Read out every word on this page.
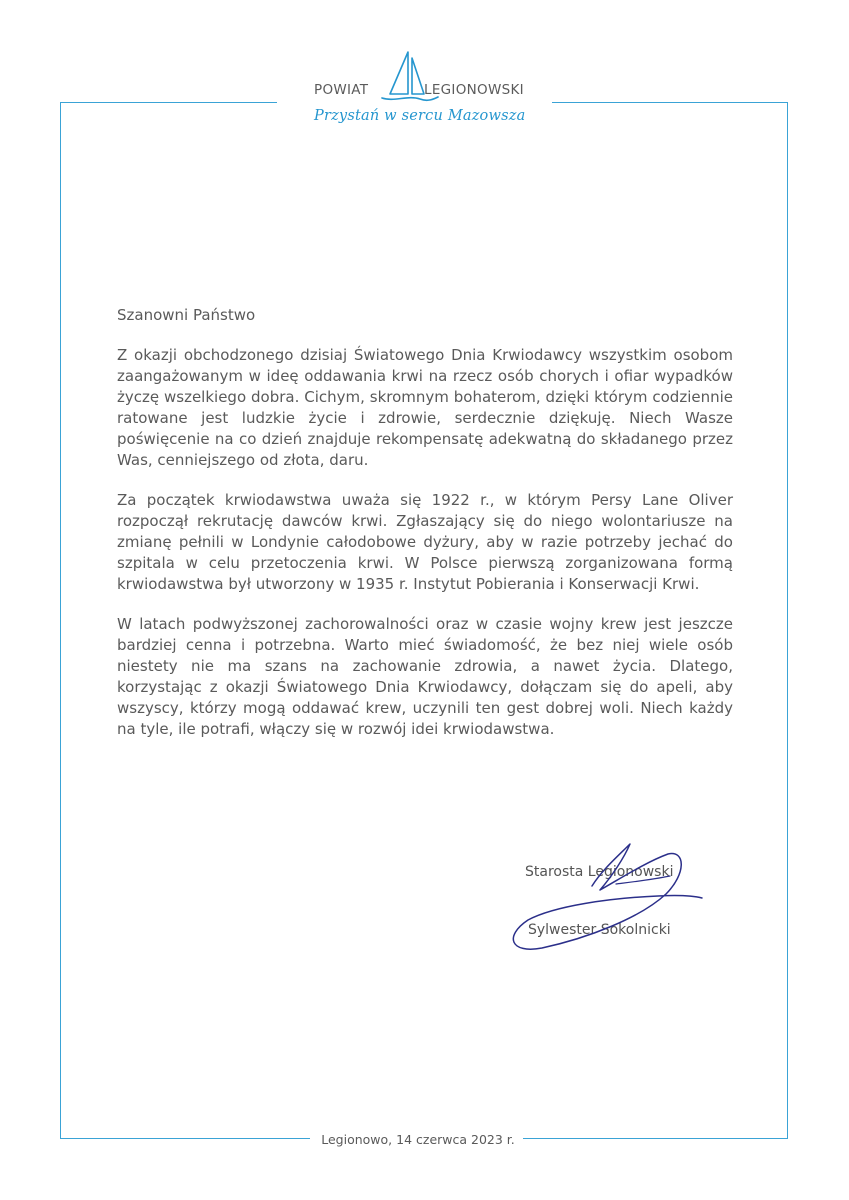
POWIAT	LEGIONOWSKI
Przystań w sercu Mazowsza

Szanowni Państwo

Z okazji obchodzonego dzisiaj Światowego Dnia Krwiodawcy wszystkim osobom zaangażowanym w ideę oddawania krwi na rzecz osób chorych i ofiar wypadków życzę wszelkiego dobra. Cichym, skromnym bohaterom, dzięki którym codziennie ratowane jest ludzkie życie i zdrowie, serdecznie dziękuję. Niech Wasze poświęcenie na co dzień znajduje rekompensatę adekwatną do składanego przez Was, cenniejszego od złota, daru.

Za początek krwiodawstwa uważa się 1922 r., w którym Persy Lane Oliver rozpoczął rekrutację dawców krwi. Zgłaszający się do niego wolontariusze na zmianę pełnili w Londynie całodobowe dyżury, aby w razie potrzeby jechać do szpitala w celu przetoczenia krwi. W Polsce pierwszą zorganizowana formą krwiodawstwa był utworzony w 1935 r. Instytut Pobierania i Konserwacji Krwi.

W latach podwyższonej zachorowalności oraz w czasie wojny krew jest jeszcze bardziej cenna i potrzebna. Warto mieć świadomość, że bez niej wiele osób niestety nie ma szans na zachowanie zdrowia, a nawet życia. Dlatego, korzystając z okazji Światowego Dnia Krwiodawcy, dołączam się do apeli, aby wszyscy, którzy mogą oddawać krew, uczynili ten gest dobrej woli. Niech każdy na tyle, ile potrafi, włączy się w rozwój idei krwiodawstwa.

Starosta Legionowski
Sylwester Sokolnicki
Legionowo, 14 czerwca 2023 r.
